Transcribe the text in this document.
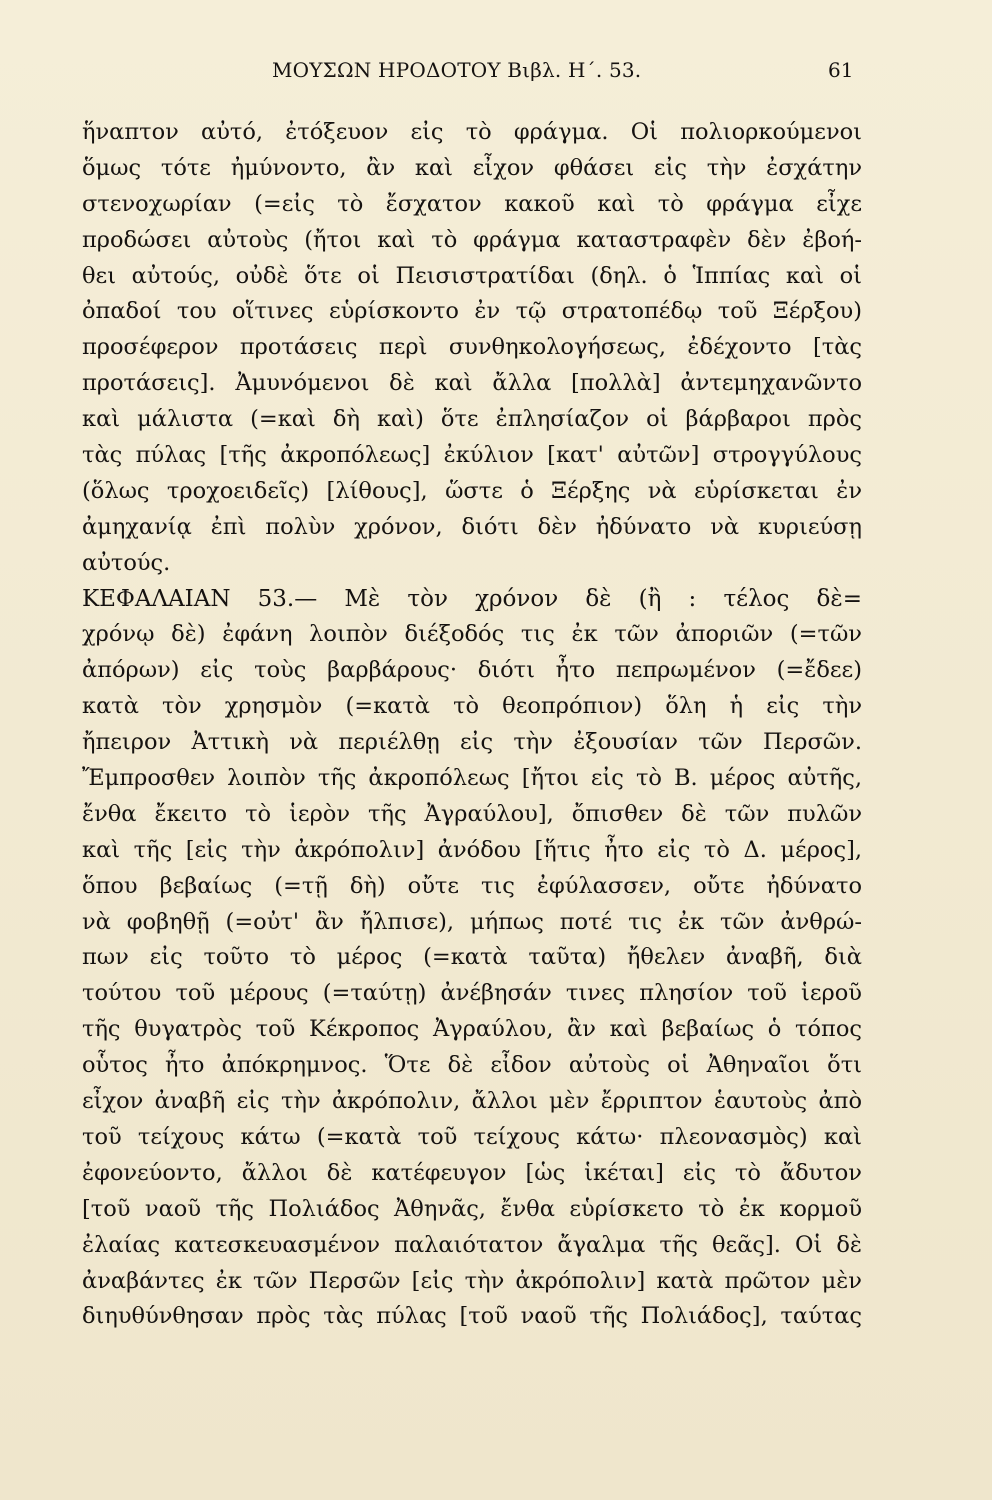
ΜΟΥΣΩΝ ΗΡΟΔΟΤΟΥ Βιβλ. Η΄. 53.	61
ἥναπτον αὐτό, ἐτόξευον εἰς τὸ φράγμα. Οἱ πολιορκούμενοι
ὅμως τότε ἠμύνοντο, ἂν καὶ εἶχον φθάσει εἰς τὴν ἐσχάτην
στενοχωρίαν (=εἰς τὸ ἔσχατον κακοῦ καὶ τὸ φράγμα εἶχε
προδώσει αὐτοὺς (ἤτοι καὶ τὸ φράγμα καταστραφὲν δὲν ἐβοή-
θει αὐτούς, οὐδὲ ὅτε οἱ Πεισιστρατίδαι (δηλ. ὁ Ἱππίας καὶ οἱ
ὀπαδοί του οἵτινες εὑρίσκοντο ἐν τῷ στρατοπέδῳ τοῦ Ξέρξου)
προσέφερον προτάσεις περὶ συνθηκολογήσεως, ἐδέχοντο [τὰς
προτάσεις]. Ἀμυνόμενοι δὲ καὶ ἄλλα [πολλὰ] ἀντεμηχανῶντο
καὶ μάλιστα (=καὶ δὴ καὶ) ὅτε ἐπλησίαζον οἱ βάρβαροι πρὸς
τὰς πύλας [τῆς ἀκροπόλεως] ἐκύλιον [κατ' αὐτῶν] στρογγύλους
(ὅλως τροχοειδεῖς) [λίθους], ὥστε ὁ Ξέρξης νὰ εὑρίσκεται ἐν
ἀμηχανίᾳ ἐπὶ πολὺν χρόνον, διότι δὲν ἠδύνατο νὰ κυριεύσῃ
αὐτούς.
ΚΕΦΑΛΑΙΑΝ 53.— Μὲ τὸν χρόνον δὲ (ἢ : τέλος δὲ=
χρόνῳ δὲ) ἐφάνη λοιπὸν διέξοδός τις ἐκ τῶν ἀποριῶν (=τῶν
ἀπόρων) εἰς τοὺς βαρβάρους· διότι ἦτο πεπρωμένον (=ἔδεε)
κατὰ τὸν χρησμὸν (=κατὰ τὸ θεοπρόπιον) ὅλη ἡ εἰς τὴν
ἤπειρον Ἀττικὴ νὰ περιέλθῃ εἰς τὴν ἐξουσίαν τῶν Περσῶν.
Ἔμπροσθεν λοιπὸν τῆς ἀκροπόλεως [ἤτοι εἰς τὸ Β. μέρος αὐτῆς,
ἔνθα ἔκειτο τὸ ἱερὸν τῆς Ἀγραύλου], ὄπισθεν δὲ τῶν πυλῶν
καὶ τῆς [εἰς τὴν ἀκρόπολιν] ἀνόδου [ἥτις ἦτο εἰς τὸ Δ. μέρος],
ὅπου βεβαίως (=τῇ δὴ) οὔτε τις ἐφύλασσεν, οὔτε ἠδύνατο
νὰ φοβηθῇ (=οὐτ' ἂν ἤλπισε), μήπως ποτέ τις ἐκ τῶν ἀνθρώ-
πων εἰς τοῦτο τὸ μέρος (=κατὰ ταῦτα) ἤθελεν ἀναβῆ, διὰ
τούτου τοῦ μέρους (=ταύτῃ) ἀνέβησάν τινες πλησίον τοῦ ἱεροῦ
τῆς θυγατρὸς τοῦ Κέκροπος Ἀγραύλου, ἂν καὶ βεβαίως ὁ τόπος
οὗτος ἦτο ἀπόκρημνος. Ὅτε δὲ εἶδον αὐτοὺς οἱ Ἀθηναῖοι ὅτι
εἶχον ἀναβῆ εἰς τὴν ἀκρόπολιν, ἄλλοι μὲν ἔρριπτον ἑαυτοὺς ἀπὸ
τοῦ τείχους κάτω (=κατὰ τοῦ τείχους κάτω· πλεονασμὸς) καὶ
ἐφονεύοντο, ἄλλοι δὲ κατέφευγον [ὡς ἱκέται] εἰς τὸ ἄδυτον
[τοῦ ναοῦ τῆς Πολιάδος Ἀθηνᾶς, ἔνθα εὑρίσκετο τὸ ἐκ κορμοῦ
ἐλαίας κατεσκευασμένον παλαιότατον ἄγαλμα τῆς θεᾶς]. Οἱ δὲ
ἀναβάντες ἐκ τῶν Περσῶν [εἰς τὴν ἀκρόπολιν] κατὰ πρῶτον μὲν
διηυθύνθησαν πρὸς τὰς πύλας [τοῦ ναοῦ τῆς Πολιάδος], ταύτας
